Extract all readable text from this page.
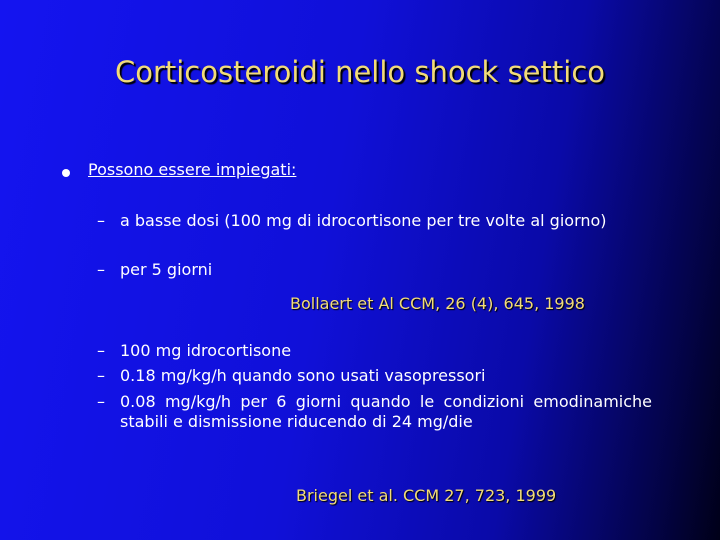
Corticosteroidi nello shock settico
Possono essere impiegati:
– a basse dosi (100 mg di idrocortisone per tre volte al giorno)
– per 5 giorni
Bollaert et Al CCM, 26 (4), 645, 1998
– 100 mg idrocortisone
– 0.18 mg/kg/h quando sono usati vasopressori
– 0.08 mg/kg/h per 6 giorni quando le condizioni emodinamiche stabili e dismissione riducendo di 24 mg/die
Briegel et al. CCM 27, 723, 1999
